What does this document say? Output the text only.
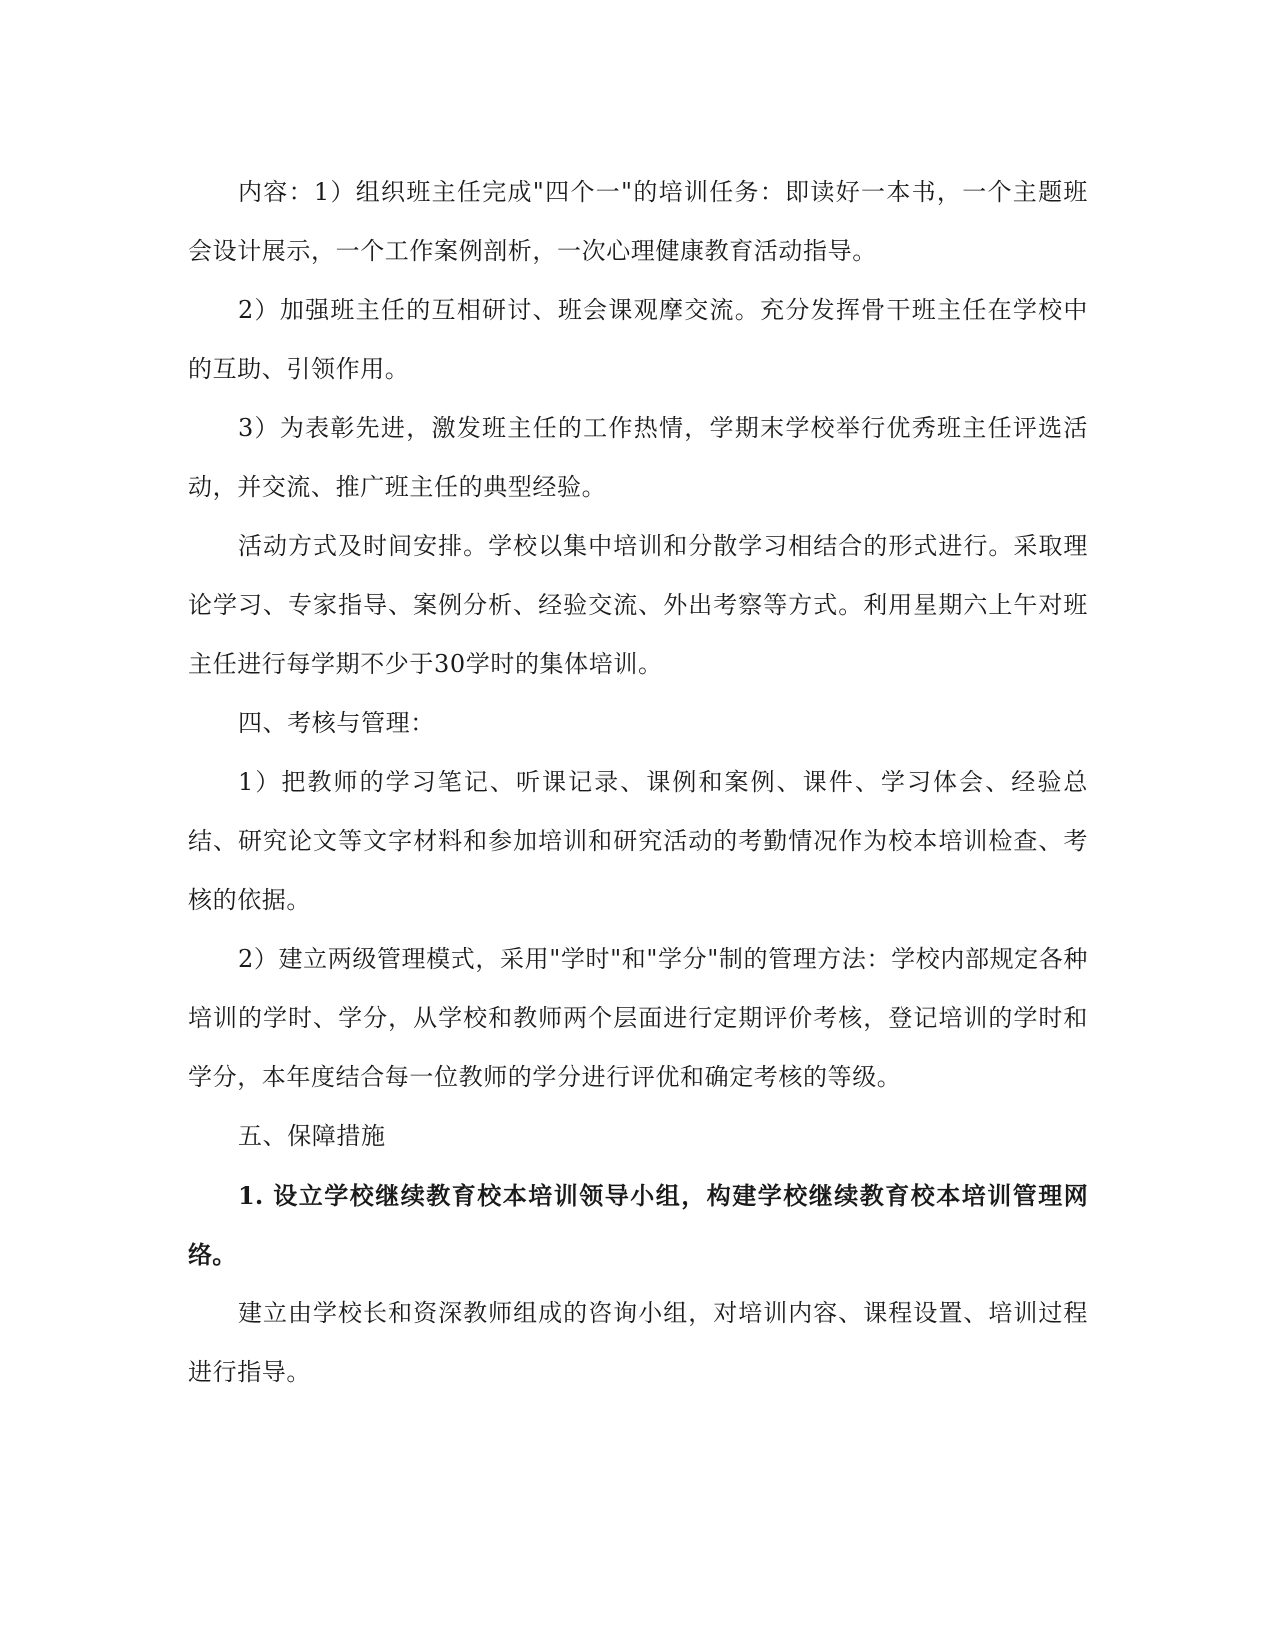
内容：1）组织班主任完成"四个一"的培训任务：即读好一本书，一个主题班会设计展示，一个工作案例剖析，一次心理健康教育活动指导。

2）加强班主任的互相研讨、班会课观摩交流。充分发挥骨干班主任在学校中的互助、引领作用。

3）为表彰先进，激发班主任的工作热情，学期末学校举行优秀班主任评选活动，并交流、推广班主任的典型经验。

活动方式及时间安排。学校以集中培训和分散学习相结合的形式进行。采取理论学习、专家指导、案例分析、经验交流、外出考察等方式。利用星期六上午对班主任进行每学期不少于30学时的集体培训。

四、考核与管理：

1）把教师的学习笔记、听课记录、课例和案例、课件、学习体会、经验总结、研究论文等文字材料和参加培训和研究活动的考勤情况作为校本培训检查、考核的依据。

2）建立两级管理模式，采用"学时"和"学分"制的管理方法：学校内部规定各种培训的学时、学分，从学校和教师两个层面进行定期评价考核，登记培训的学时和学分，本年度结合每一位教师的学分进行评优和确定考核的等级。

五、保障措施

1. 设立学校继续教育校本培训领导小组，构建学校继续教育校本培训管理网络。

建立由学校长和资深教师组成的咨询小组，对培训内容、课程设置、培训过程进行指导。
